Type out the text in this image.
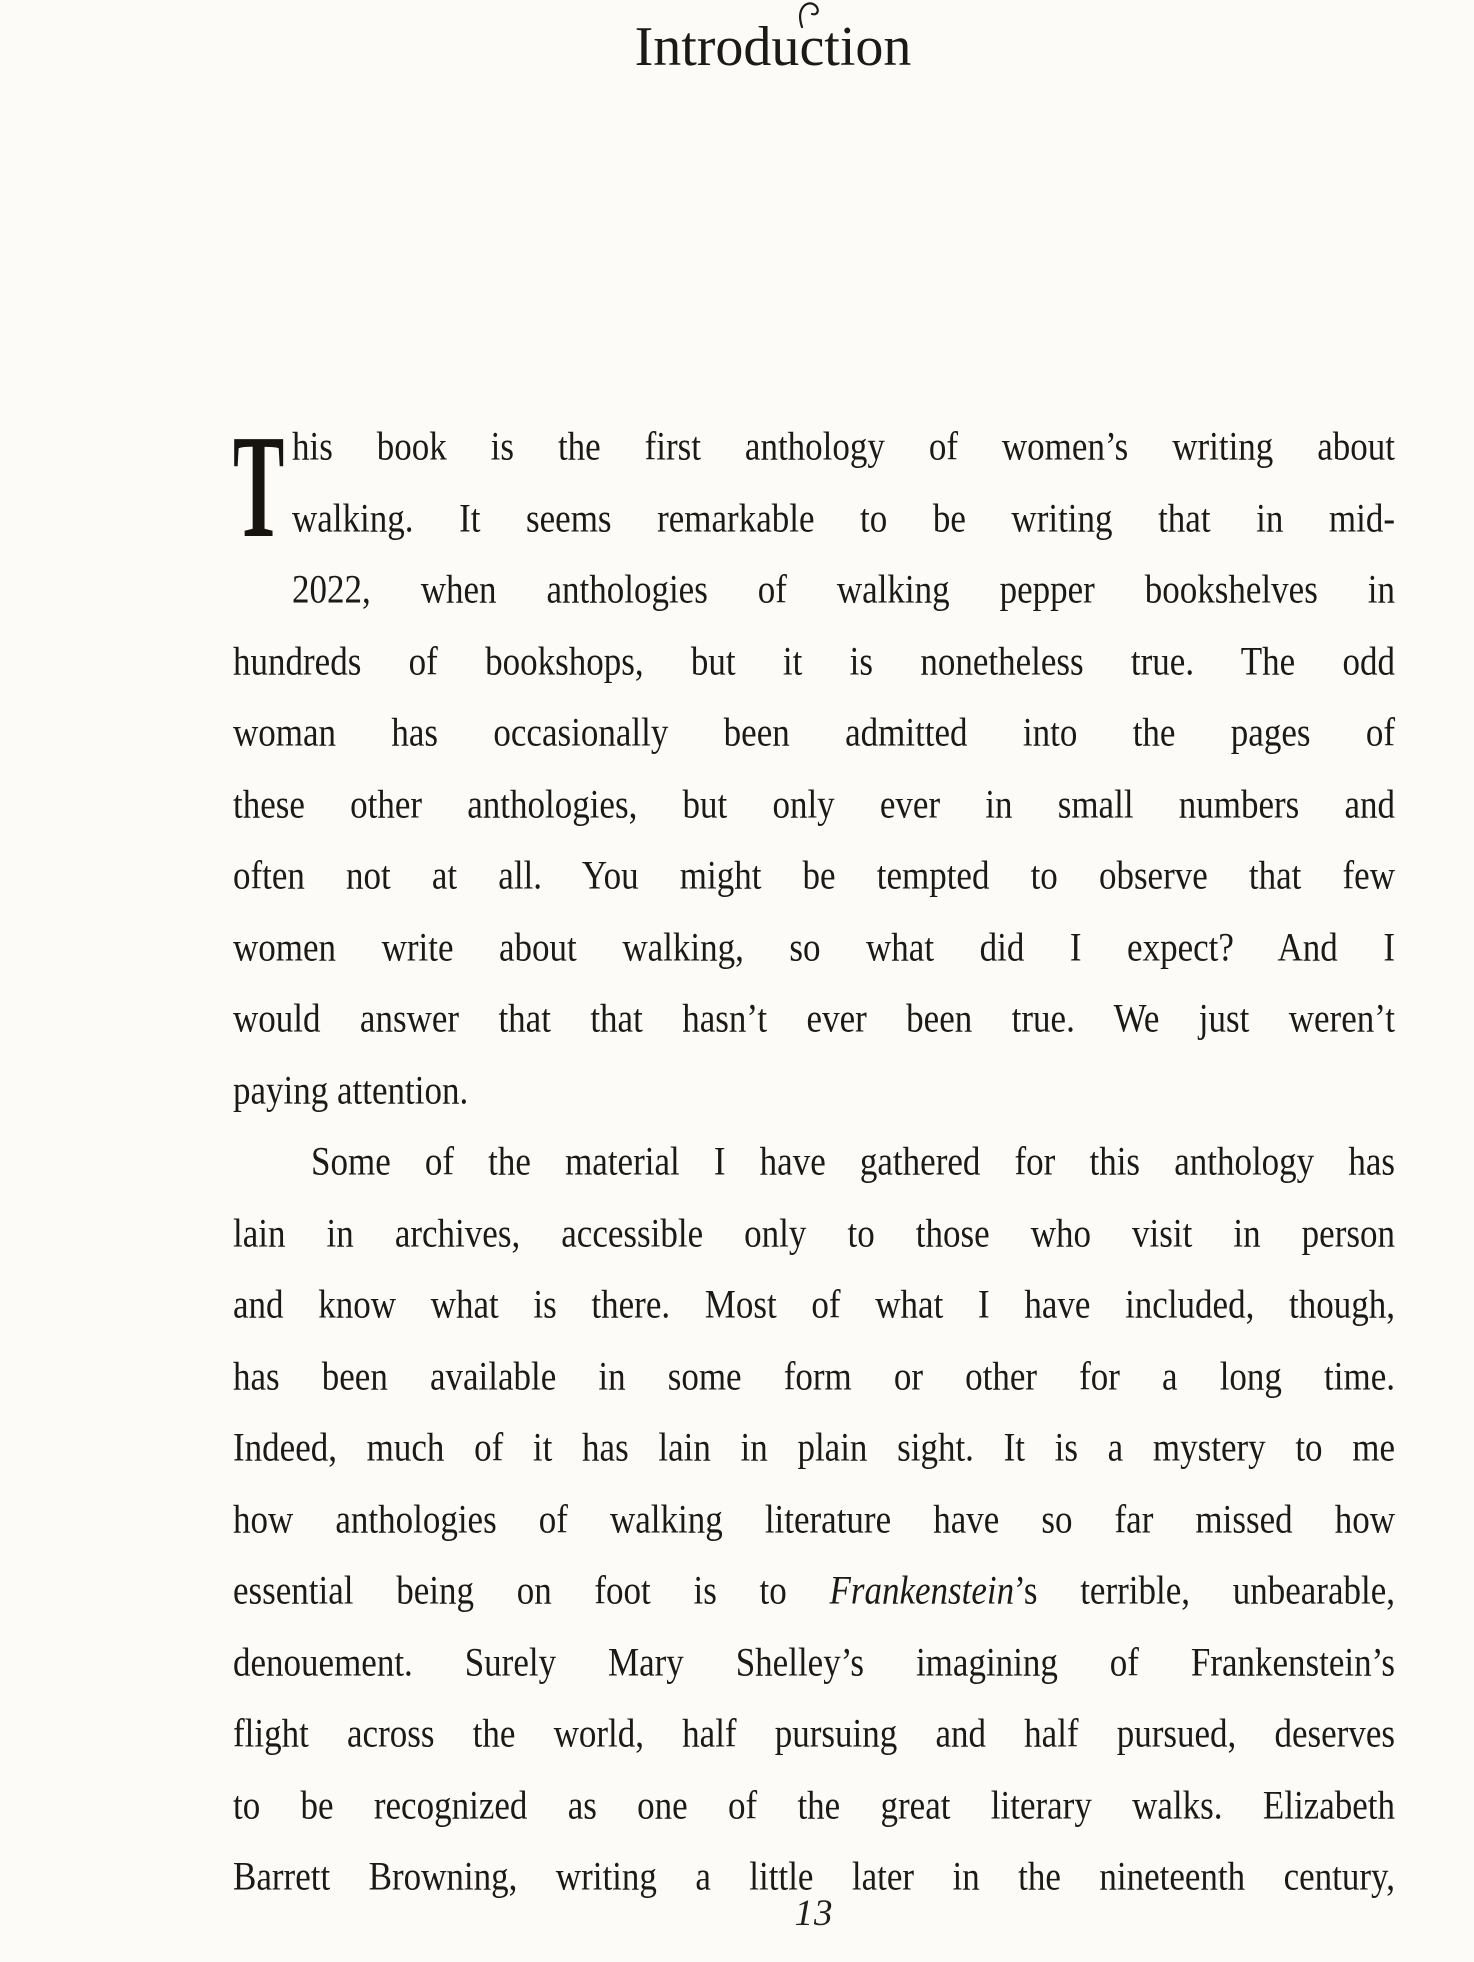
Introduct
ion
T his book is the first anthology of women’s writing about
walking. It seems remarkable to be writing that in mid-
2022, when anthologies of walking pepper bookshelves in
hundreds of bookshops, but it is nonetheless true. The odd
woman has occasionally been admitted into the pages of
these other anthologies, but only ever in small numbers and
often not at all. You might be tempted to observe that few
women write about walking, so what did I expect? And I
would answer that that hasn’t ever been true. We just weren’t
paying attention.
Some of the material I have gathered for this anthology has
lain in archives, accessible only to those who visit in person
and know what is there. Most of what I have included, though,
has been available in some form or other for a long time.
Indeed, much of it has lain in plain sight. It is a mystery to me
how anthologies of walking literature have so far missed how
essential being on foot is to Frankenstein’s terrible, unbearable,
denouement. Surely Mary Shelley’s imagining of Frankenstein’s
flight across the world, half pursuing and half pursued, deserves
to be recognized as one of the great literary walks. Elizabeth
Barrett Browning, writing a little later in the nineteenth century,
13
